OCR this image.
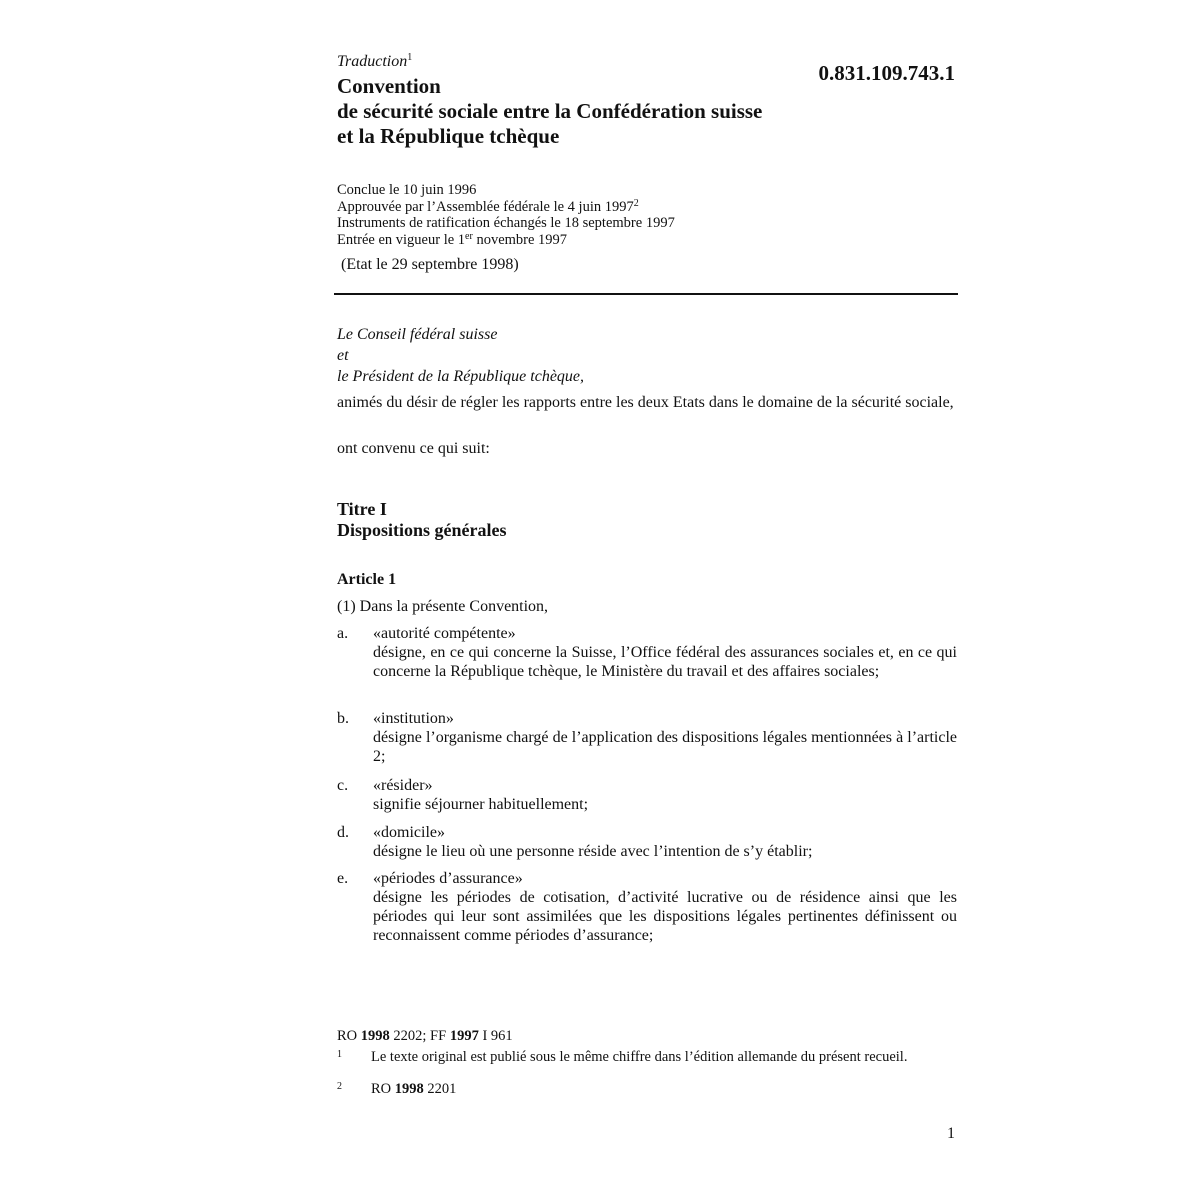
Traduction$^1$
0.831.109.743.1
Convention
de sécurité sociale entre la Confédération suisse
et la République tchèque
Conclue le 10 juin 1996
Approuvée par l’Assemblée fédérale le 4 juin 1997$^2$
Instruments de ratification échangés le 18 septembre 1997
Entrée en vigueur le 1er novembre 1997
(Etat le 29 septembre 1998)
Le Conseil fédéral suisse
et
le Président de la République tchèque,
animés du désir de régler les rapports entre les deux Etats dans le domaine de la sécurité sociale,
ont convenu ce qui suit:
Titre I
Dispositions générales
Article 1
(1) Dans la présente Convention,
a. «autorité compétente»
désigne, en ce qui concerne la Suisse, l’Office fédéral des assurances sociales et, en ce qui concerne la République tchèque, le Ministère du travail et des affaires sociales;
b. «institution»
désigne l’organisme chargé de l’application des dispositions légales mentionnées à l’article 2;
c. «résider»
signifie séjourner habituellement;
d. «domicile»
désigne le lieu où une personne réside avec l’intention de s’y établir;
e. «périodes d’assurance»
désigne les périodes de cotisation, d’activité lucrative ou de résidence ainsi que les périodes qui leur sont assimilées que les dispositions légales pertinentes définissent ou reconnaissent comme périodes d’assurance;
RO 1998 2202; FF 1997 I 961
1 Le texte original est publié sous le même chiffre dans l’édition allemande du présent recueil.
2 RO 1998 2201
1
